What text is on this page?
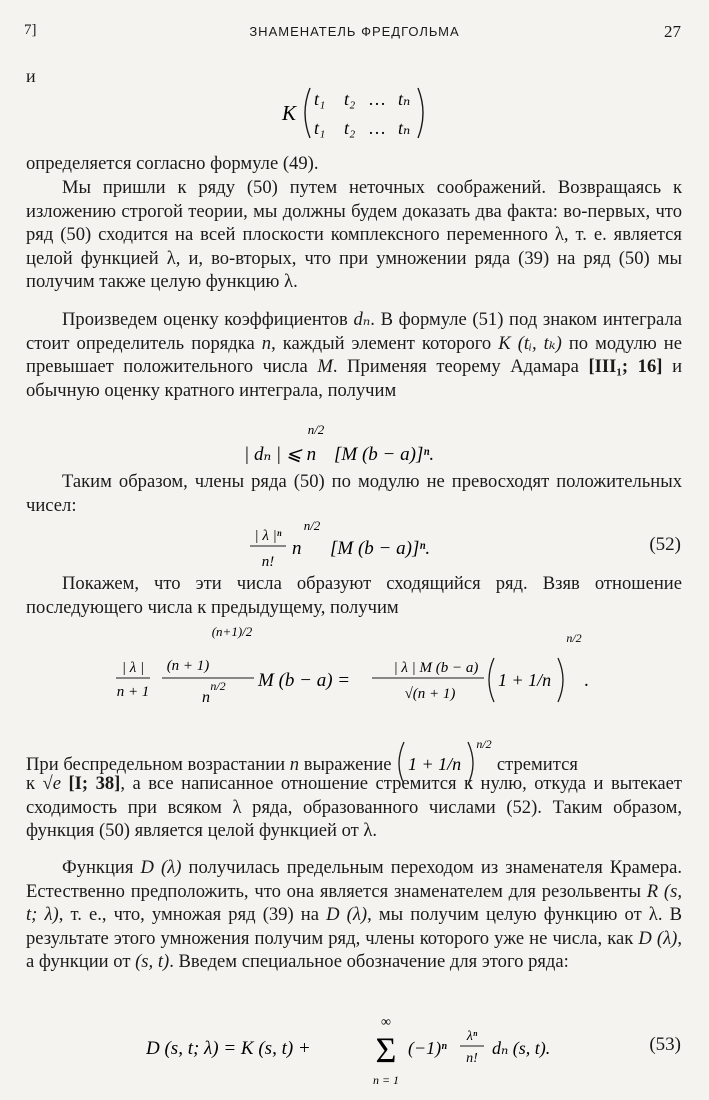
7]	ЗНАМЕНАТЕЛЬ ФРЕДГОЛЬМА	27
и
K
t₁ t₂ … tₙ
t₁ t₂ … tₙ
определяется согласно формуле (49).
Мы пришли к ряду (50) путем неточных соображений. Возвращаясь к изложению строгой теории, мы должны будем доказать два факта: во-первых, что ряд (50) сходится на всей плоскости комплексного переменного λ, т. е. является целой функцией λ, и, во-вторых, что при умножении ряда (39) на ряд (50) мы получим также целую функцию λ.
Произведем оценку коэффициентов dₙ. В формуле (51) под знаком интеграла стоит определитель порядка n, каждый элемент которого K (tᵢ, tₖ) по модулю не превышает положительного числа M. Применяя теорему Адамара [III₁; 16] и обычную оценку кратного интеграла, получим
| dₙ | ⩽ n
n/2
[M (b − a)]ⁿ.
Таким образом, члены ряда (50) по модулю не превосходят положительных чисел:
| λ |ⁿ
n!
n
n/2
[M (b − a)]ⁿ.	(52)
Покажем, что эти числа образуют сходящийся ряд. Взяв отношение последующего числа к предыдущему, получим
| λ |
n + 1
(n + 1)
(n+1)/2
n
n/2 M (b − a) =
| λ | M (b − a)
√(n + 1)
1 + 1/n
n/2
.
При беспредельном возрастании n выражение 1 + 1/n
n/2
стремится
к √e [I; 38], а все написанное отношение стремится к нулю, откуда и вытекает сходимость при всяком λ ряда, образованного числами (52). Таким образом, функция (50) является целой функцией от λ.
Функция D (λ) получилась предельным переходом из знаменателя Крамера. Естественно предположить, что она является знаменателем для резольвенты R (s, t; λ), т. е., что, умножая ряд (39) на D (λ), мы получим целую функцию от λ. В результате этого умножения получим ряд, члены которого уже не числа, как D (λ), а функции от (s, t). Введем специальное обозначение для этого ряда:
D (s, t; λ) = K (s, t) +
∞
Σ
n = 1
(−1)ⁿ
λⁿ
n!
dₙ (s, t).	(53)
